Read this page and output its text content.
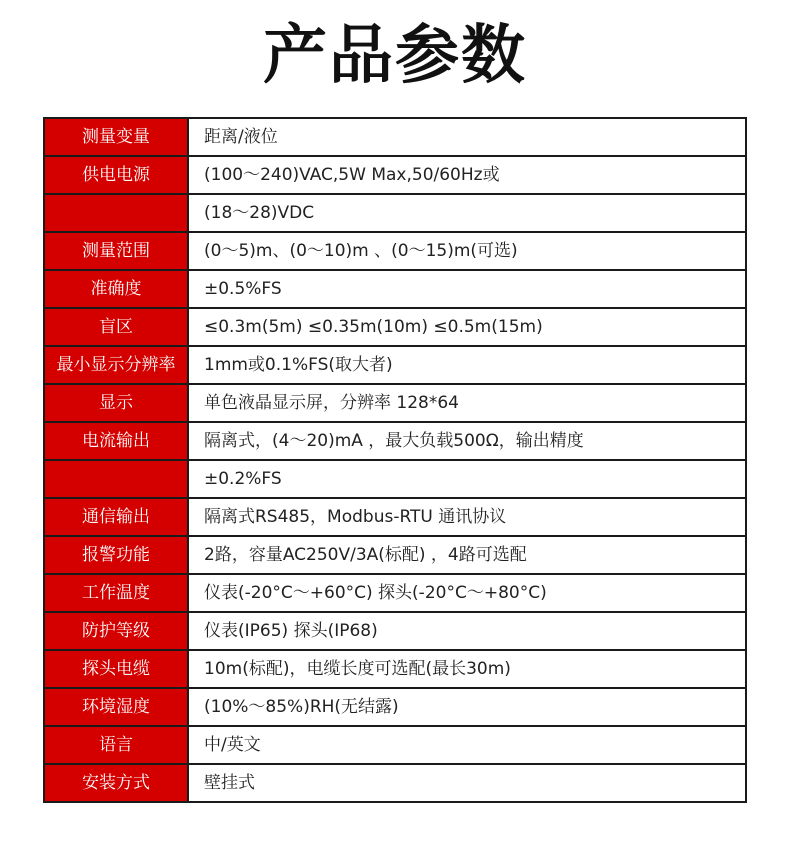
产品参数
测量变量	距离/液位
供电电源	(100～240)VAC,5W Max,50/60Hz或
	(18～28)VDC
测量范围	(0～5)m、(0～10)m 、(0～15)m(可选)
准确度	±0.5%FS
盲区	≤0.3m(5m) ≤0.35m(10m) ≤0.5m(15m)
最小显示分辨率	1mm或0.1%FS(取大者)
显示	单色液晶显示屏，分辨率 128*64
电流输出	隔离式，(4～20)mA ，最大负载500Ω，输出精度
	±0.2%FS
通信输出	隔离式RS485，Modbus-RTU 通讯协议
报警功能	2路，容量AC250V/3A(标配) ，4路可选配
工作温度	仪表(-20°C～+60°C) 探头(-20°C～+80°C)
防护等级	仪表(IP65) 探头(IP68)
探头电缆	10m(标配)，电缆长度可选配(最长30m)
环境湿度	(10%～85%)RH(无结露)
语言	中/英文
安装方式	壁挂式
